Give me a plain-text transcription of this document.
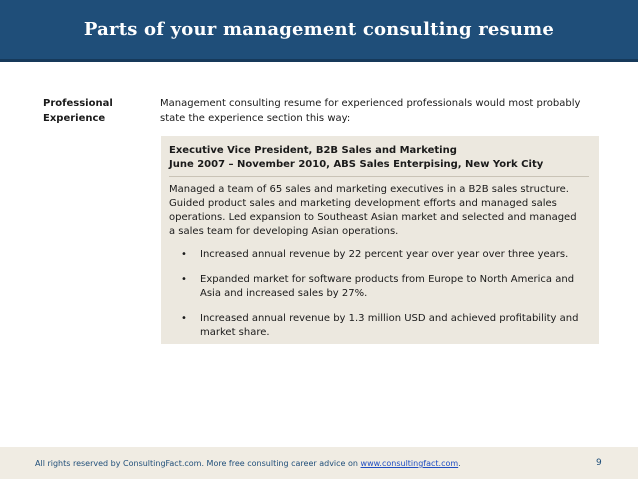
Parts of your management consulting resume
Professional
Experience
Management consulting resume for experienced professionals would most probably
state the experience section this way:
Executive Vice President, B2B Sales and Marketing
June 2007 – November 2010, ABS Sales Enterpising, New York City
Managed a team of 65 sales and marketing executives in a B2B sales structure.
Guided product sales and marketing development efforts and managed sales
operations. Led expansion to Southeast Asian market and selected and managed
a sales team for developing Asian operations.
• Increased annual revenue by 22 percent year over year over three years.
• Expanded market for software products from Europe to North America and
Asia and increased sales by 27%.
• Increased annual revenue by 1.3 million USD and achieved profitability and
market share.
All rights reserved by ConsultingFact.com. More free consulting career advice on www.consultingfact.com.	9
